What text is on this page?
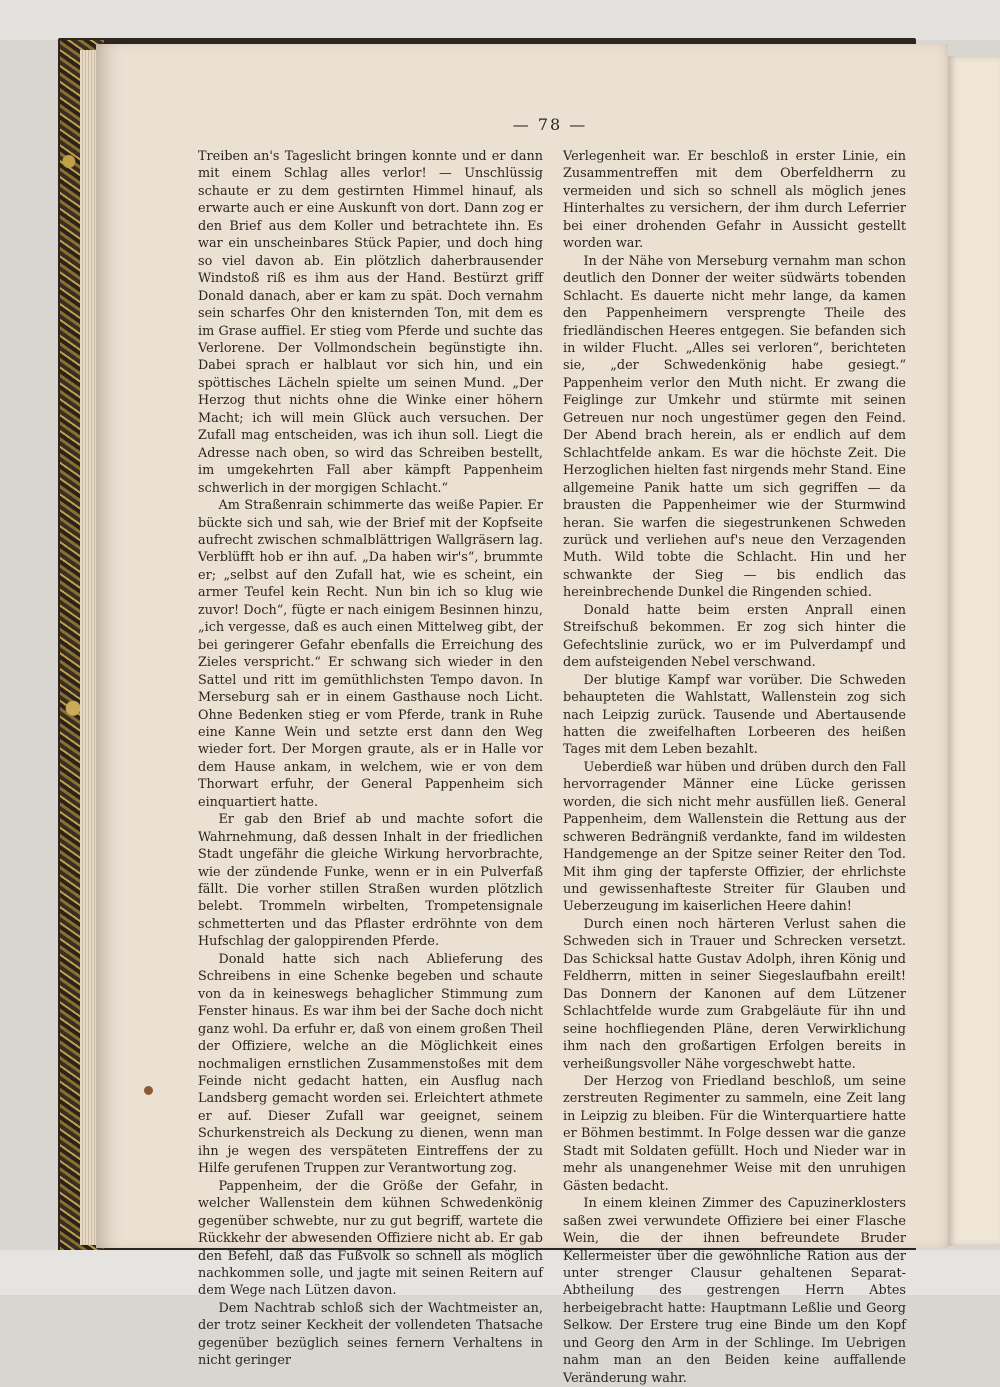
— 78 —

Treiben an's Tageslicht bringen konnte und er dann mit einem Schlag alles verlor! — Unschlüssig schaute er zu dem gestirnten Himmel hinauf, als erwarte auch er eine Auskunft von dort. Dann zog er den Brief aus dem Koller und betrachtete ihn. Es war ein unscheinbares Stück Papier, und doch hing so viel davon ab. Ein plötzlich daherbrausender Windstoß riß es ihm aus der Hand. Bestürzt griff Donald danach, aber er kam zu spät. Doch vernahm sein scharfes Ohr den knisternden Ton, mit dem es im Grase auffiel. Er stieg vom Pferde und suchte das Verlorene. Der Vollmondschein begünstigte ihn. Dabei sprach er halblaut vor sich hin, und ein spöttisches Lächeln spielte um seinen Mund. „Der Herzog thut nichts ohne die Winke einer höhern Macht; ich will mein Glück auch versuchen. Der Zufall mag entscheiden, was ich ihun soll. Liegt die Adresse nach oben, so wird das Schreiben bestellt, im umgekehrten Fall aber kämpft Pappenheim schwerlich in der morgigen Schlacht.“

Am Straßenrain schimmerte das weiße Papier. Er bückte sich und sah, wie der Brief mit der Kopfseite aufrecht zwischen schmalblättrigen Wallgräsern lag. Verblüfft hob er ihn auf. „Da haben wir's“, brummte er; „selbst auf den Zufall hat, wie es scheint, ein armer Teufel kein Recht. Nun bin ich so klug wie zuvor! Doch“, fügte er nach einigem Besinnen hinzu, „ich vergesse, daß es auch einen Mittelweg gibt, der bei geringerer Gefahr ebenfalls die Erreichung des Zieles verspricht.“ Er schwang sich wieder in den Sattel und ritt im gemüthlichsten Tempo davon. In Merseburg sah er in einem Gasthause noch Licht. Ohne Bedenken stieg er vom Pferde, trank in Ruhe eine Kanne Wein und setzte erst dann den Weg wieder fort. Der Morgen graute, als er in Halle vor dem Hause ankam, in welchem, wie er von dem Thorwart erfuhr, der General Pappenheim sich einquartiert hatte.

Er gab den Brief ab und machte sofort die Wahrnehmung, daß dessen Inhalt in der friedlichen Stadt ungefähr die gleiche Wirkung hervorbrachte, wie der zündende Funke, wenn er in ein Pulverfaß fällt. Die vorher stillen Straßen wurden plötzlich belebt. Trommeln wirbelten, Trompetensignale schmetterten und das Pflaster erdröhnte von dem Hufschlag der galoppirenden Pferde.

Donald hatte sich nach Ablieferung des Schreibens in eine Schenke begeben und schaute von da in keineswegs behaglicher Stimmung zum Fenster hinaus. Es war ihm bei der Sache doch nicht ganz wohl. Da erfuhr er, daß von einem großen Theil der Offiziere, welche an die Möglichkeit eines nochmaligen ernstlichen Zusammenstoßes mit dem Feinde nicht gedacht hatten, ein Ausflug nach Landsberg gemacht worden sei. Erleichtert athmete er auf. Dieser Zufall war geeignet, seinem Schurkenstreich als Deckung zu dienen, wenn man ihn je wegen des verspäteten Eintreffens der zu Hilfe gerufenen Truppen zur Verantwortung zog.

Pappenheim, der die Größe der Gefahr, in welcher Wallenstein dem kühnen Schwedenkönig gegenüber schwebte, nur zu gut begriff, wartete die Rückkehr der abwesenden Offiziere nicht ab. Er gab den Befehl, daß das Fußvolk so schnell als möglich nachkommen solle, und jagte mit seinen Reitern auf dem Wege nach Lützen davon.

Dem Nachtrab schloß sich der Wachtmeister an, der trotz seiner Keckheit der vollendeten Thatsache gegenüber bezüglich seines fernern Verhaltens in nicht geringer

Verlegenheit war. Er beschloß in erster Linie, ein Zusammentreffen mit dem Oberfeldherrn zu vermeiden und sich so schnell als möglich jenes Hinterhaltes zu versichern, der ihm durch Leferrier bei einer drohenden Gefahr in Aussicht gestellt worden war.

In der Nähe von Merseburg vernahm man schon deutlich den Donner der weiter südwärts tobenden Schlacht. Es dauerte nicht mehr lange, da kamen den Pappenheimern versprengte Theile des friedländischen Heeres entgegen. Sie befanden sich in wilder Flucht. „Alles sei verloren“, berichteten sie, „der Schwedenkönig habe gesiegt.“ Pappenheim verlor den Muth nicht. Er zwang die Feiglinge zur Umkehr und stürmte mit seinen Getreuen nur noch ungestümer gegen den Feind. Der Abend brach herein, als er endlich auf dem Schlachtfelde ankam. Es war die höchste Zeit. Die Herzoglichen hielten fast nirgends mehr Stand. Eine allgemeine Panik hatte um sich gegriffen — da brausten die Pappenheimer wie der Sturmwind heran. Sie warfen die siegestrunkenen Schweden zurück und verliehen auf's neue den Verzagenden Muth. Wild tobte die Schlacht. Hin und her schwankte der Sieg — bis endlich das hereinbrechende Dunkel die Ringenden schied.

Donald hatte beim ersten Anprall einen Streifschuß bekommen. Er zog sich hinter die Gefechtslinie zurück, wo er im Pulverdampf und dem aufsteigenden Nebel verschwand.

Der blutige Kampf war vorüber. Die Schweden behaupteten die Wahlstatt, Wallenstein zog sich nach Leipzig zurück. Tausende und Abertausende hatten die zweifelhaften Lorbeeren des heißen Tages mit dem Leben bezahlt.

Ueberdieß war hüben und drüben durch den Fall hervorragender Männer eine Lücke gerissen worden, die sich nicht mehr ausfüllen ließ. General Pappenheim, dem Wallenstein die Rettung aus der schweren Bedrängniß verdankte, fand im wildesten Handgemenge an der Spitze seiner Reiter den Tod. Mit ihm ging der tapferste Offizier, der ehrlichste und gewissenhafteste Streiter für Glauben und Ueberzeugung im kaiserlichen Heere dahin!

Durch einen noch härteren Verlust sahen die Schweden sich in Trauer und Schrecken versetzt. Das Schicksal hatte Gustav Adolph, ihren König und Feldherrn, mitten in seiner Siegeslaufbahn ereilt! Das Donnern der Kanonen auf dem Lützener Schlachtfelde wurde zum Grabgeläute für ihn und seine hochfliegenden Pläne, deren Verwirklichung ihm nach den großartigen Erfolgen bereits in verheißungsvoller Nähe vorgeschwebt hatte.

Der Herzog von Friedland beschloß, um seine zerstreuten Regimenter zu sammeln, eine Zeit lang in Leipzig zu bleiben. Für die Winterquartiere hatte er Böhmen bestimmt. In Folge dessen war die ganze Stadt mit Soldaten gefüllt. Hoch und Nieder war in mehr als unangenehmer Weise mit den unruhigen Gästen bedacht.

In einem kleinen Zimmer des Capuzinerklosters saßen zwei verwundete Offiziere bei einer Flasche Wein, die der ihnen befreundete Bruder Kellermeister über die gewöhnliche Ration aus der unter strenger Clausur gehaltenen Separat-Abtheilung des gestrengen Herrn Abtes herbeigebracht hatte: Hauptmann Leßlie und Georg Selkow. Der Erstere trug eine Binde um den Kopf und Georg den Arm in der Schlinge. Im Uebrigen nahm man an den Beiden keine auffallende Veränderung wahr.
